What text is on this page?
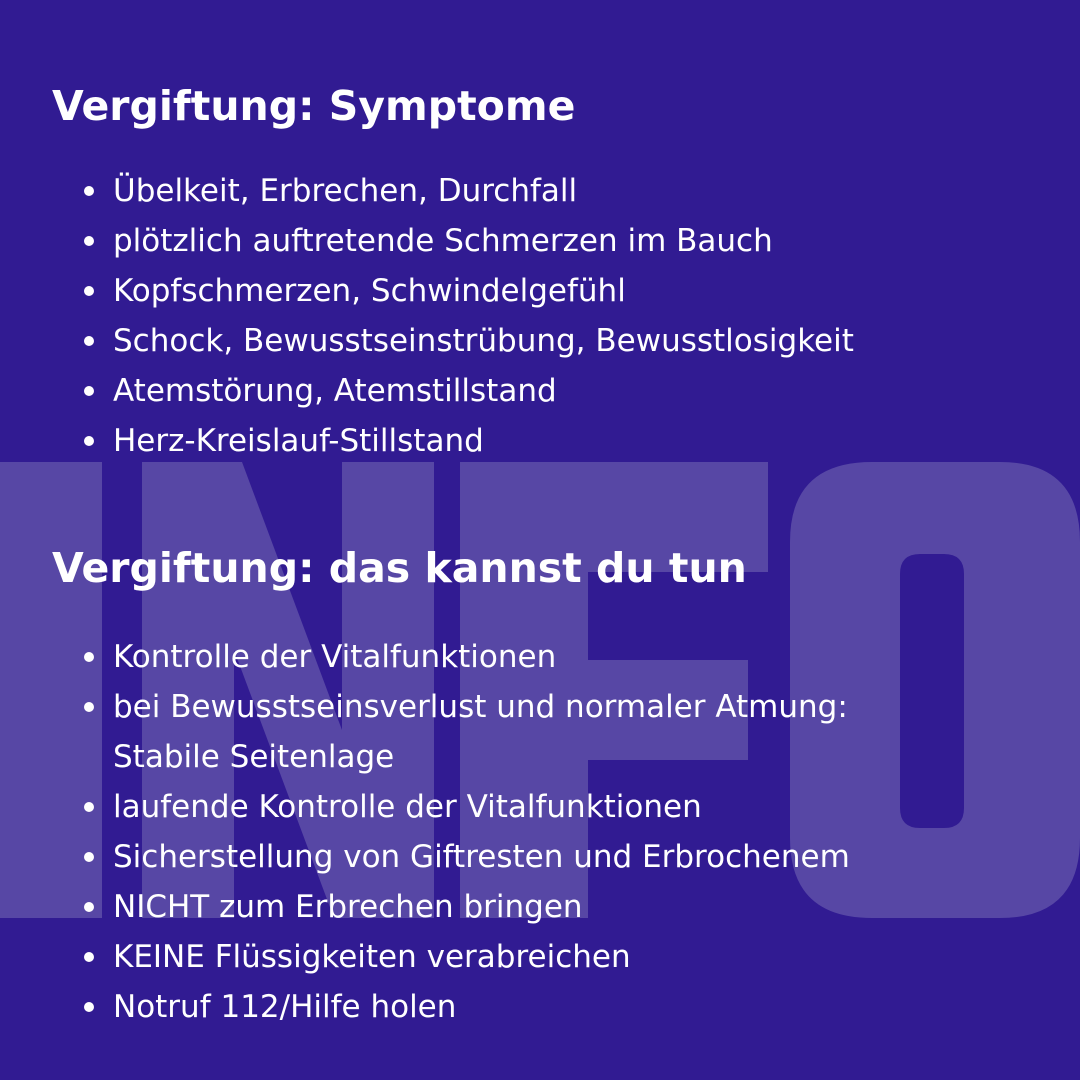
Vergiftung: Symptome
Übelkeit, Erbrechen, Durchfall
plötzlich auftretende Schmerzen im Bauch
Kopfschmerzen, Schwindelgefühl
Schock, Bewusstseinstrübung, Bewusstlosigkeit
Atemstörung, Atemstillstand
Herz-Kreislauf-Stillstand
Vergiftung: das kannst du tun
Kontrolle der Vitalfunktionen
bei Bewusstseinsverlust und normaler Atmung:
Stabile Seitenlage
laufende Kontrolle der Vitalfunktionen
Sicherstellung von Giftresten und Erbrochenem
NICHT zum Erbrechen bringen
KEINE Flüssigkeiten verabreichen
Notruf 112/Hilfe holen
